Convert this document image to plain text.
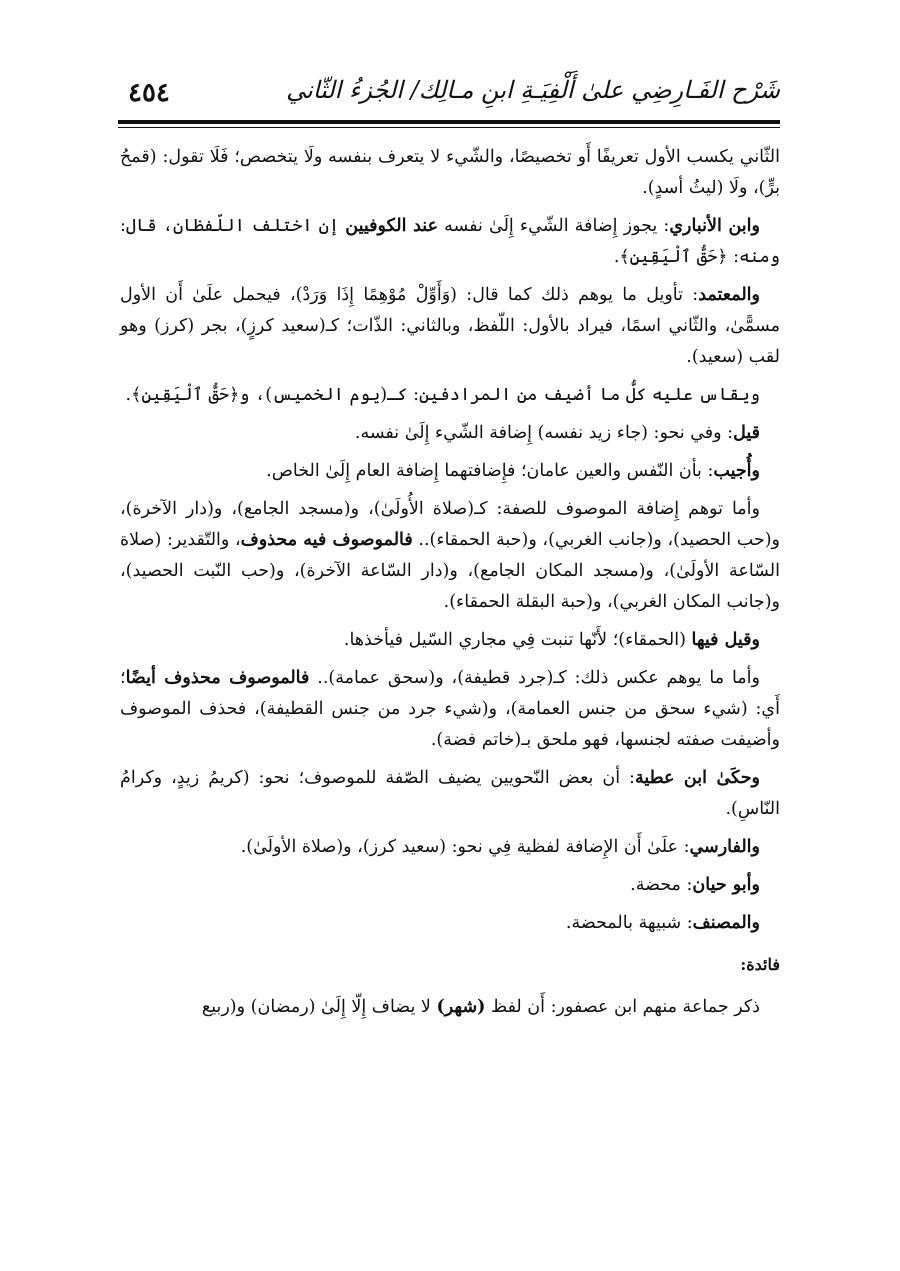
٤٥٤	شَرْح الفَـارِضِي علىٰ أَلْفِيَـةِ ابنِ مـالِك/ الجُزءُ الثّاني

الثّاني يكسب الأول تعريفًا أَو تخصيصًا، والشّيء لا يتعرف بنفسه ولَا يتخصص؛ فَلَا تقول: (قمحُ برٍّ)، ولَا (ليثُ أسدٍ).

وابن الأنباري: يجوز إِضافة الشّيء إِلَىٰ نفسه عند الكوفيين إن اختلف اللّفظان، قال: ومنه: ﴿حَقُّ ٱلْيَقِينِ﴾.

والمعتمد: تأويل ما يوهم ذلك كما قال: (وَأَوِّلْ مُوْهِمًا إِذَا وَرَدْ)، فيحمل علَىٰ أَن الأول مسمًّىٰ، والثّاني اسمًا، فيراد بالأول: اللّفظ، وبالثاني: الذّات؛ كـ(سعيد كرزٍ)، بجر (كرز) وهو لقب (سعيد).

ويقاس عليه كلُّ ما أضيف من المرادفين: كـ(يوم الخميس)، و﴿حَقُّ ٱلْيَقِينِ﴾.

قيل: وفي نحو: (جاء زيد نفسه) إِضافة الشّيء إِلَىٰ نفسه.

وأُجيب: بأن النّفس والعين عامان؛ فإِضافتهما إِضافة العام إِلَىٰ الخاص.

وأما توهم إِضافة الموصوف للصفة: كـ(صلاة الأُولَىٰ)، و(مسجد الجامع)، و(دار الآخرة)، و(حب الحصيد)، و(جانب الغربي)، و(حبة الحمقاء).. فالموصوف فيه محذوف، والتّقدير: (صلاة السّاعة الأولَىٰ)، و(مسجد المكان الجامع)، و(دار السّاعة الآخرة)، و(حب النّبت الحصيد)، و(جانب المكان الغربي)، و(حبة البقلة الحمقاء).

وقيل فيها (الحمقاء)؛ لأَنّها تنبت فِي مجاري السّيل فيأخذها.

وأما ما يوهم عكس ذلك: كـ(جرد قطيفة)، و(سحق عمامة).. فالموصوف محذوف أيضًا؛ أَي: (شيء سحق من جنس العمامة)، و(شيء جرد من جنس القطيفة)، فحذف الموصوف وأضيفت صفته لجنسها، فهو ملحق بـ(خاتم فضة).

وحكَىٰ ابن عطية: أن بعض النّحويين يضيف الصّفة للموصوف؛ نحو: (كريمُ زيدٍ، وكرامُ النّاسِ).

والفارسي: علَىٰ أَن الإِضافة لفظية فِي نحو: (سعيد كرز)، و(صلاة الأولَىٰ).

وأبو حيان: محضة.

والمصنف: شبيهة بالمحضة.

فائدة:

ذكر جماعة منهم ابن عصفور: أَن لفظ (شهر) لا يضاف إِلّا إِلَىٰ (رمضان) و(ربيع
